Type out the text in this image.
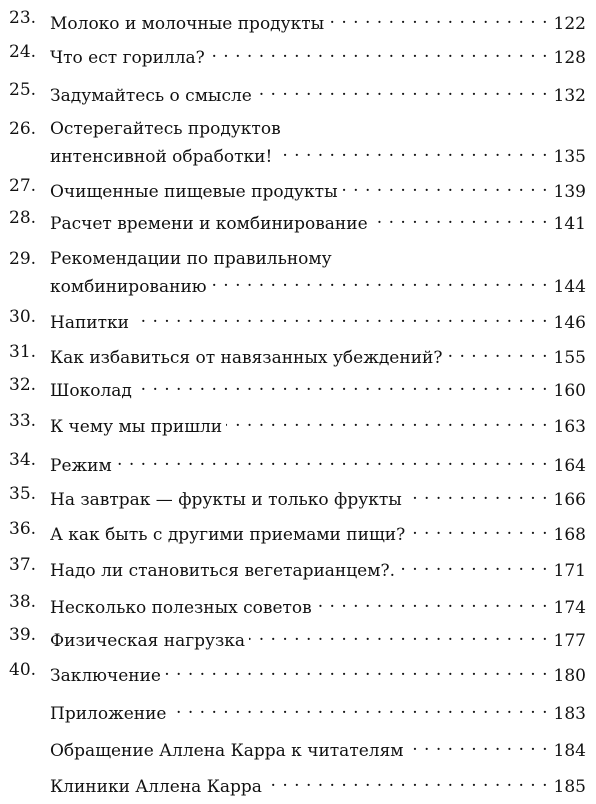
23. Молоко и молочные продукты . . .	122
24. Что ест горилла? . . .	128
25. Задумайтесь о смысле . . .	132
26. Остерегайтесь продуктов
интенсивной обработки! . . .	135
27. Очищенные пищевые продукты . . .	139
28. Расчет времени и комбинирование . . .	141
29. Рекомендации по правильному
комбинированию . . .	144
30. Напитки . . .	146
31. Как избавиться от навязанных убеждений? . . .	155
32. Шоколад . . .	160
33. К чему мы пришли . . .	163
34. Режим . . .	164
35. На завтрак — фрукты и только фрукты . . .	166
36. А как быть с другими приемами пищи? . . .	168
37. Надо ли становиться вегетарианцем?. . . .	171
38. Несколько полезных советов . . .	174
39. Физическая нагрузка . . .	177
40. Заключение . . .	180
Приложение . . .	183
Обращение Аллена Карра к читателям . . .	184
Клиники Аллена Карра . . .	185
